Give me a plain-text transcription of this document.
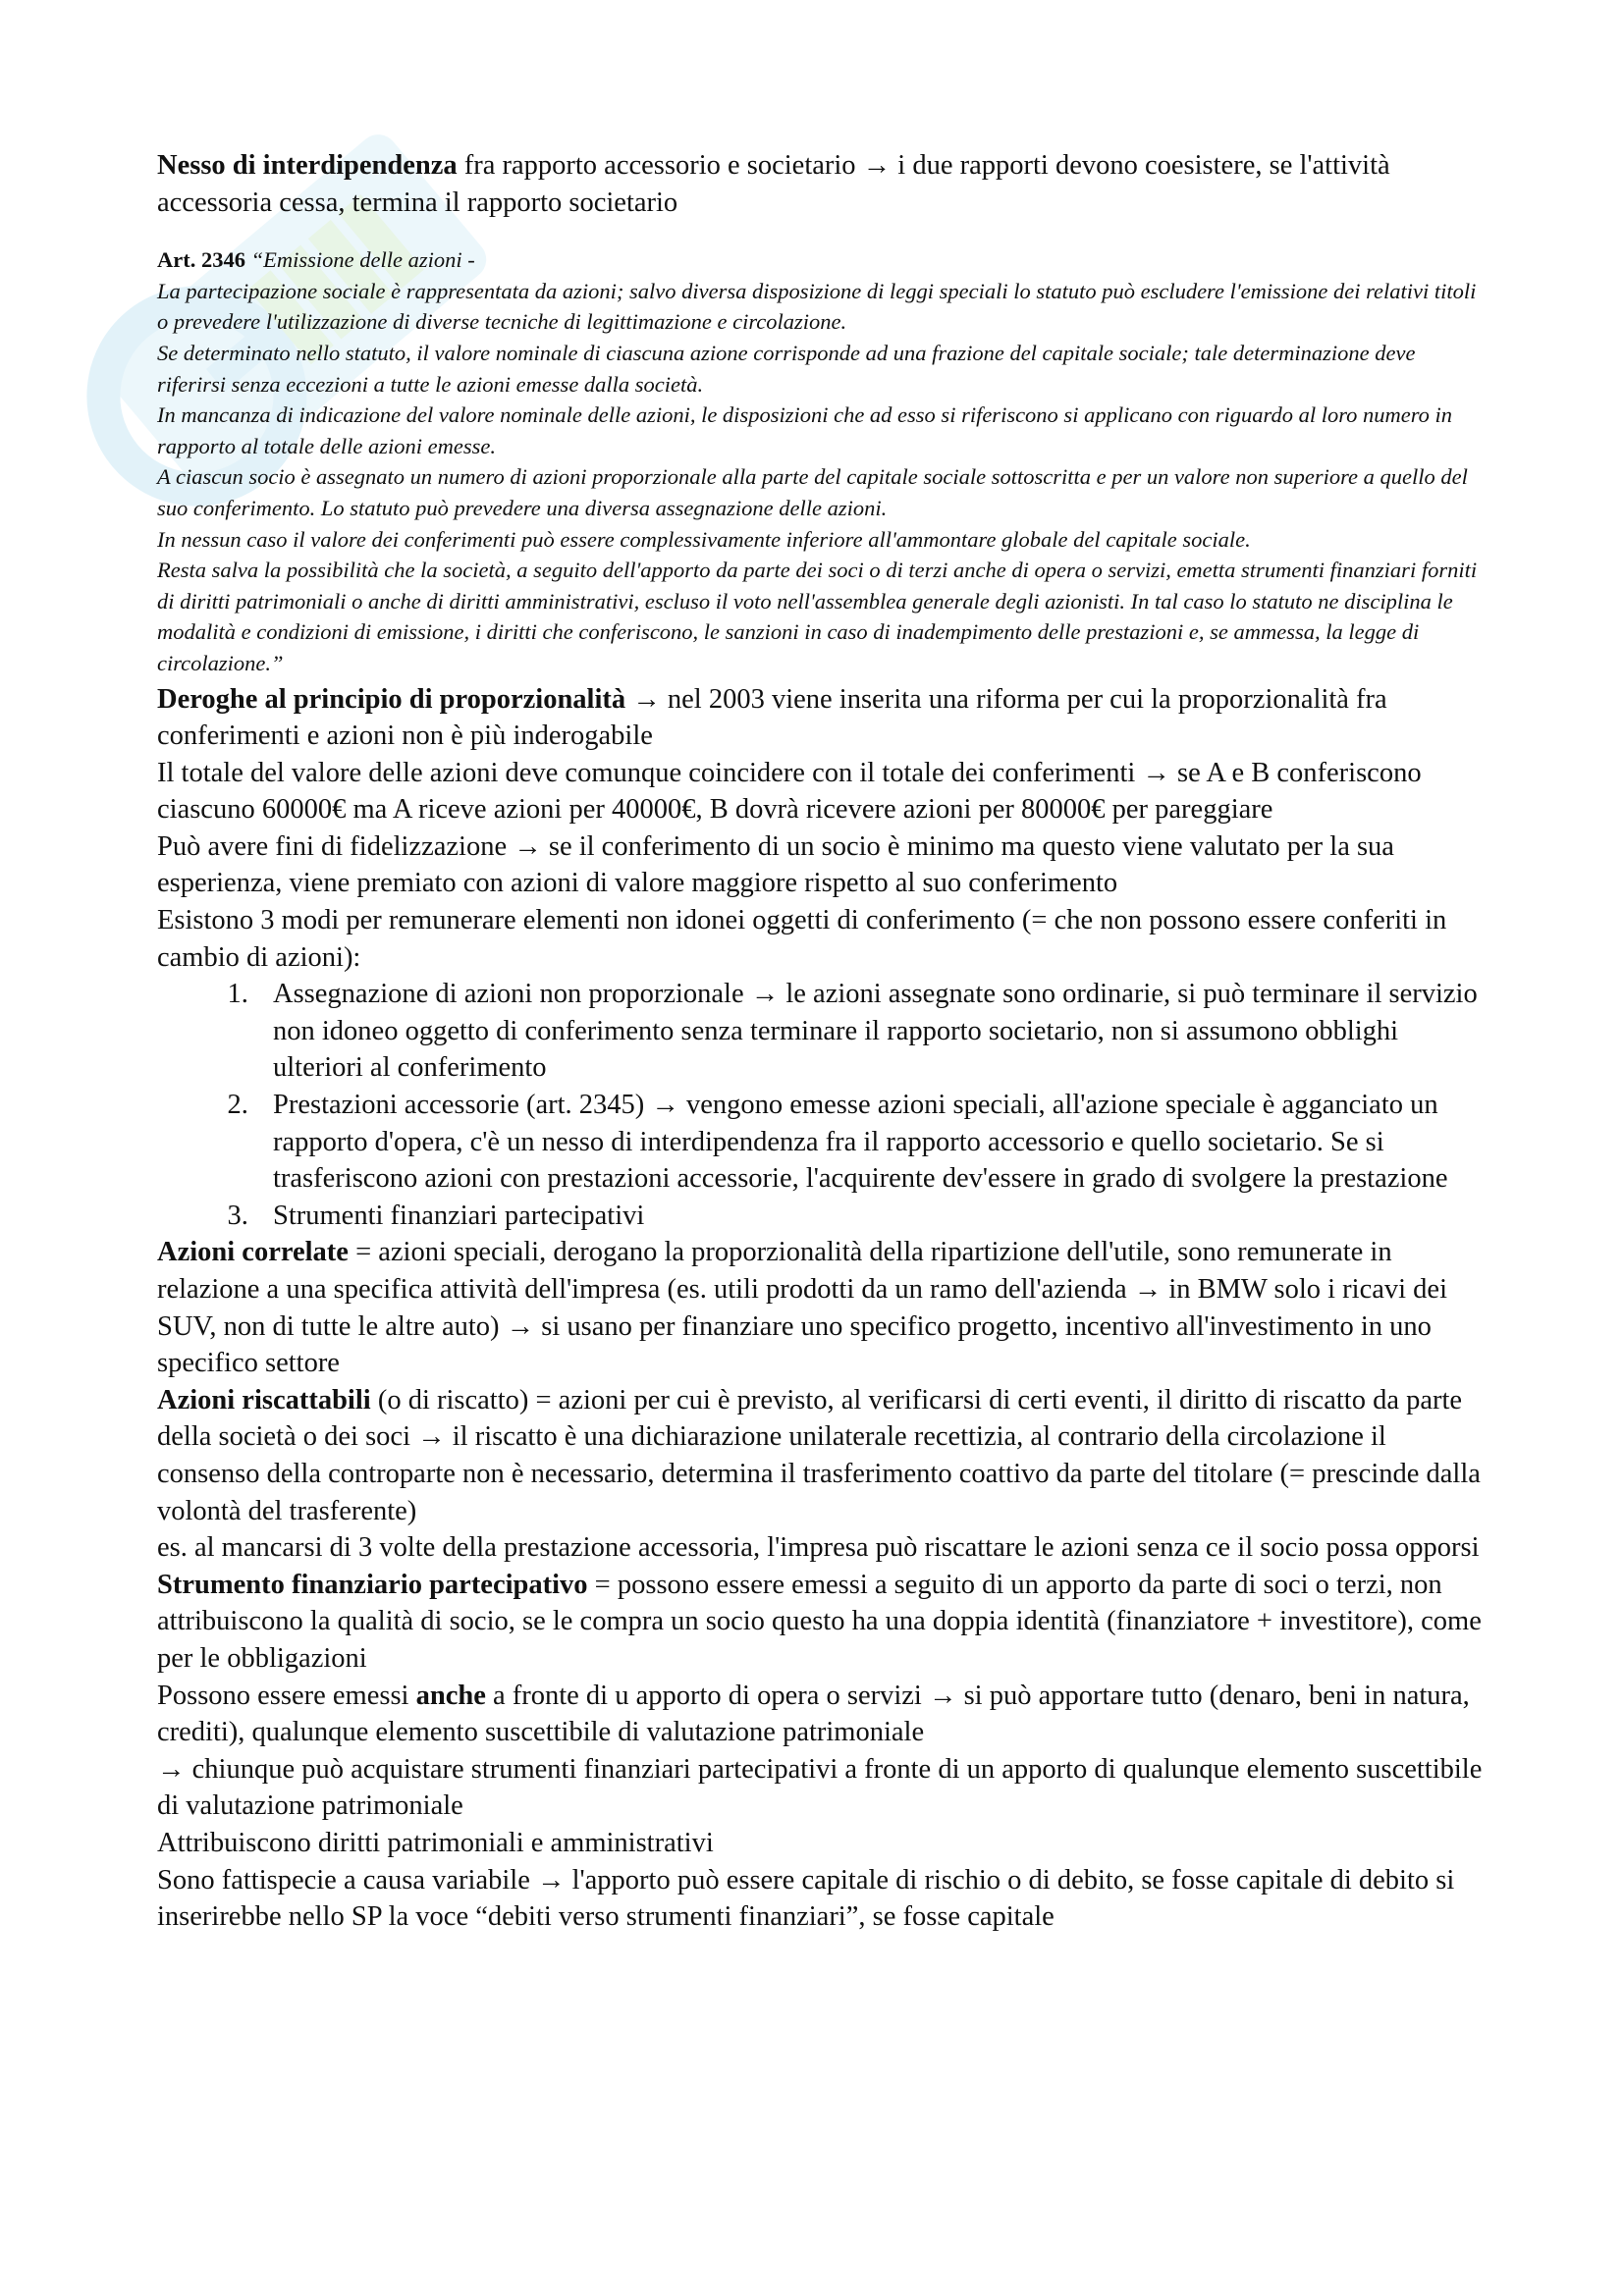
Nesso di interdipendenza fra rapporto accessorio e societario → i due rapporti devono coesistere, se l'attività accessoria cessa, termina il rapporto societario

Art. 2346 “Emissione delle azioni -
La partecipazione sociale è rappresentata da azioni; salvo diversa disposizione di leggi speciali lo statuto può escludere l'emissione dei relativi titoli o prevedere l'utilizzazione di diverse tecniche di legittimazione e circolazione.
Se determinato nello statuto, il valore nominale di ciascuna azione corrisponde ad una frazione del capitale sociale; tale determinazione deve riferirsi senza eccezioni a tutte le azioni emesse dalla società.
In mancanza di indicazione del valore nominale delle azioni, le disposizioni che ad esso si riferiscono si applicano con riguardo al loro numero in rapporto al totale delle azioni emesse.
A ciascun socio è assegnato un numero di azioni proporzionale alla parte del capitale sociale sottoscritta e per un valore non superiore a quello del suo conferimento. Lo statuto può prevedere una diversa assegnazione delle azioni.
In nessun caso il valore dei conferimenti può essere complessivamente inferiore all'ammontare globale del capitale sociale.
Resta salva la possibilità che la società, a seguito dell'apporto da parte dei soci o di terzi anche di opera o servizi, emetta strumenti finanziari forniti di diritti patrimoniali o anche di diritti amministrativi, escluso il voto nell'assemblea generale degli azionisti. In tal caso lo statuto ne disciplina le modalità e condizioni di emissione, i diritti che conferiscono, le sanzioni in caso di inadempimento delle prestazioni e, se ammessa, la legge di circolazione.”

Deroghe al principio di proporzionalità → nel 2003 viene inserita una riforma per cui la proporzionalità fra conferimenti e azioni non è più inderogabile

Il totale del valore delle azioni deve comunque coincidere con il totale dei conferimenti → se A e B conferiscono ciascuno 60000€ ma A riceve azioni per 40000€, B dovrà ricevere azioni per 80000€ per pareggiare

Può avere fini di fidelizzazione → se il conferimento di un socio è minimo ma questo viene valutato per la sua esperienza, viene premiato con azioni di valore maggiore rispetto al suo conferimento

Esistono 3 modi per remunerare elementi non idonei oggetti di conferimento (= che non possono essere conferiti in cambio di azioni):

1. Assegnazione di azioni non proporzionale → le azioni assegnate sono ordinarie, si può terminare il servizio non idoneo oggetto di conferimento senza terminare il rapporto societario, non si assumono obblighi ulteriori al conferimento
2. Prestazioni accessorie (art. 2345) → vengono emesse azioni speciali, all'azione speciale è agganciato un rapporto d'opera, c'è un nesso di interdipendenza fra il rapporto accessorio e quello societario. Se si trasferiscono azioni con prestazioni accessorie, l'acquirente dev'essere in grado di svolgere la prestazione
3. Strumenti finanziari partecipativi

Azioni correlate = azioni speciali, derogano la proporzionalità della ripartizione dell'utile, sono remunerate in relazione a una specifica attività dell'impresa (es. utili prodotti da un ramo dell'azienda → in BMW solo i ricavi dei SUV, non di tutte le altre auto) → si usano per finanziare uno specifico progetto, incentivo all'investimento in uno specifico settore

Azioni riscattabili (o di riscatto) = azioni per cui è previsto, al verificarsi di certi eventi, il diritto di riscatto da parte della società o dei soci → il riscatto è una dichiarazione unilaterale recettizia, al contrario della circolazione il consenso della controparte non è necessario, determina il trasferimento coattivo da parte del titolare (= prescinde dalla volontà del trasferente)

es. al mancarsi di 3 volte della prestazione accessoria, l'impresa può riscattare le azioni senza ce il socio possa opporsi

Strumento finanziario partecipativo = possono essere emessi a seguito di un apporto da parte di soci o terzi, non attribuiscono la qualità di socio, se le compra un socio questo ha una doppia identità (finanziatore + investitore), come per le obbligazioni

Possono essere emessi anche a fronte di u apporto di opera o servizi → si può apportare tutto (denaro, beni in natura, crediti), qualunque elemento suscettibile di valutazione patrimoniale

→ chiunque può acquistare strumenti finanziari partecipativi a fronte di un apporto di qualunque elemento suscettibile di valutazione patrimoniale

Attribuiscono diritti patrimoniali e amministrativi

Sono fattispecie a causa variabile → l'apporto può essere capitale di rischio o di debito, se fosse capitale di debito si inserirebbe nello SP la voce “debiti verso strumenti finanziari”, se fosse capitale
